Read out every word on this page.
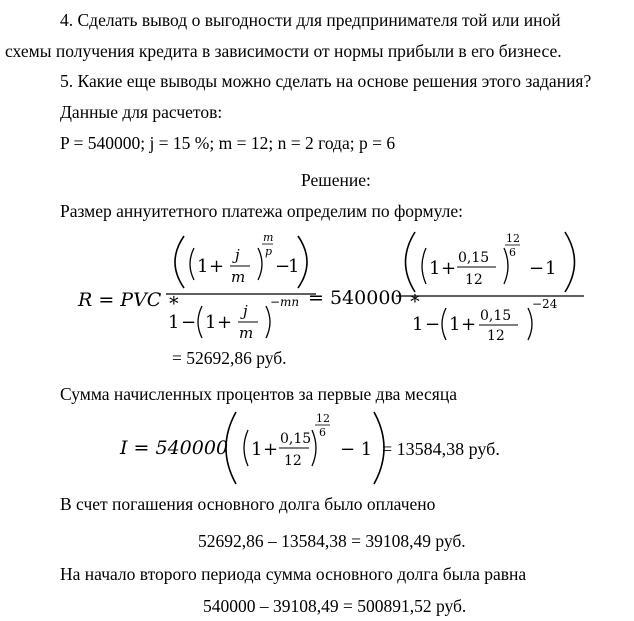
4. Сделать вывод о выгодности для предпринимателя той или иной
схемы получения кредита в зависимости от нормы прибыли в его бизнесе.
5. Какие еще выводы можно сделать на основе решения этого задания?
Данные для расчетов:
P = 540000; j = 15 %; m = 12; n = 2 года; p = 6
Решение:
Размер аннуитетного платежа определим по формуле:
R = PVC ∗
1 +
j
m
m
p
−
1
1 − 1 +
j
m
−mn = 540000 ∗
1 + 0,15
12
12
6
− 1
1 − 1 + 0,15
12
−24
= 52692,86 руб.
Сумма начисленных процентов за первые два месяца
I = 540000 1 + 0,15
12
12
6
− 1 = 13584,38 руб.
В счет погашения основного долга было оплачено
52692,86 – 13584,38 = 39108,49 руб.
На начало второго периода сумма основного долга была равна
540000 – 39108,49 = 500891,52 руб.
